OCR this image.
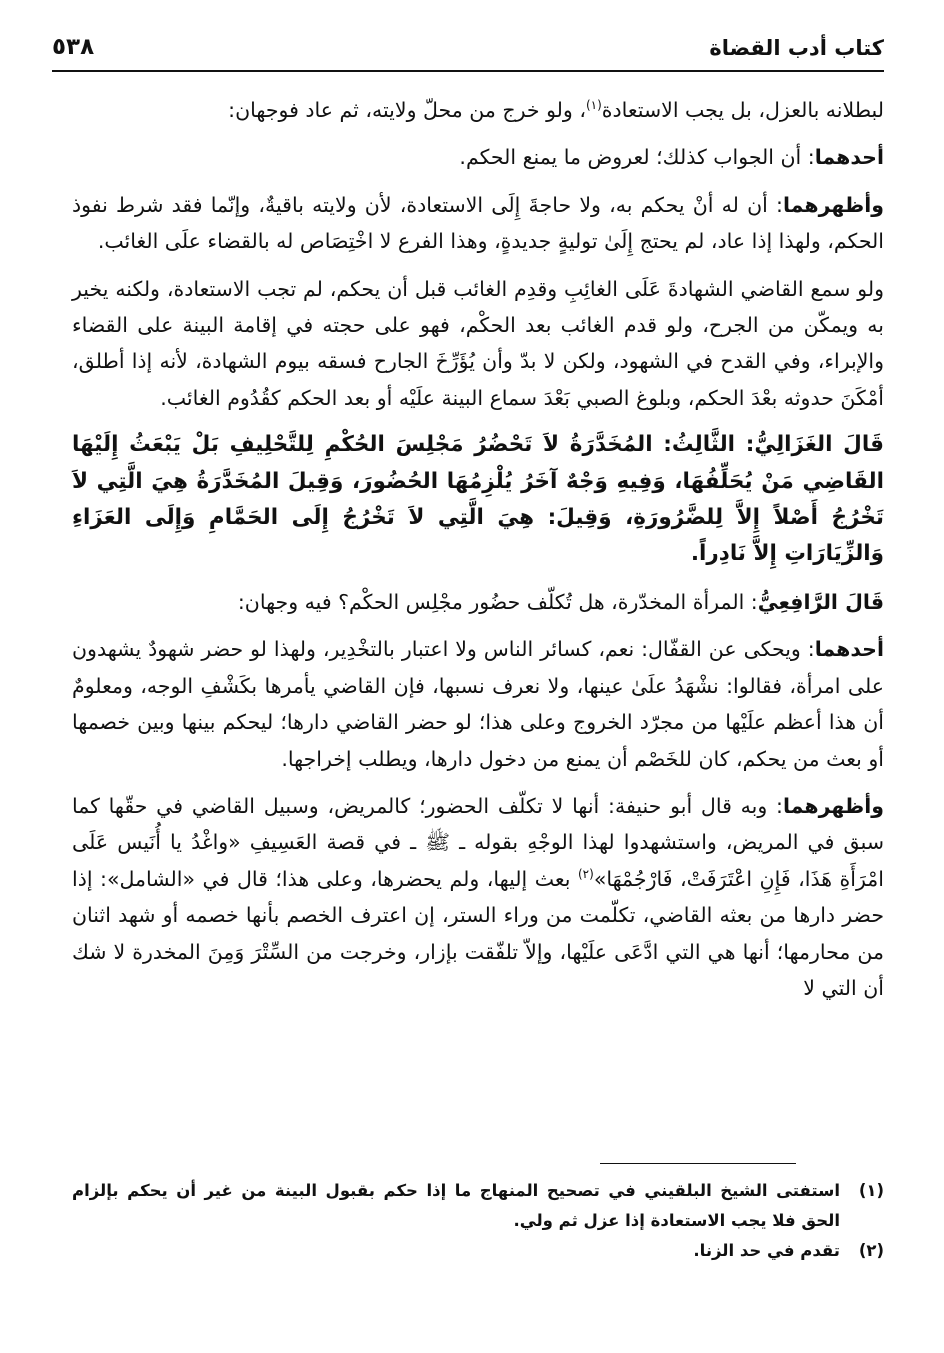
كتاب أدب القضاة
٥٣٨

لبطلانه بالعزل، بل يجب الاستعادة$^{(١)}$، ولو خرج من محلّ ولايته، ثم عاد فوجهان:

أحدهما: أن الجواب كذلك؛ لعروض ما يمنع الحكم.

وأظهرهما: أن له أنْ يحكم به، ولا حاجةَ إِلَى الاستعادة، لأن ولايته باقيةٌ، وإنّما فقد شرط نفوذ الحكم، ولهذا إذا عاد، لم يحتج إِلَىٰ توليةٍ جديدةٍ، وهذا الفرع لا اخْتِصَاص له بالقضاء علَى الغائب.

ولو سمع القاضي الشهادةَ عَلَى الغائِبِ وقدِم الغائب قبل أن يحكم، لم تجب الاستعادة، ولكنه يخير به ويمكّن من الجرح، ولو قدم الغائب بعد الحكْم، فهو على حجته في إقامة البينة على القضاء والإبراء، وفي القدح في الشهود، ولكن لا بدّ وأن يُؤَرِّخَ الجارح فسقه بيوم الشهادة، لأنه إذا أطلق، أمْكَنَ حدوثه بعْدَ الحكم، وبلوغ الصبي بَعْدَ سماع البينة علَيْه أو بعد الحكم كقُدُوم الغائب.

قَالَ الغَزَالِيُّ: الثَّالِثُ: المُخَدَّرَةُ لاَ تَحْضُرُ مَجْلِسَ الحُكْمِ لِلتَّحْلِيفِ بَلْ يَبْعَثُ إِلَيْهَا القَاضِي مَنْ يُحَلِّفُهَا، وَفِيهِ وَجْهٌ آخَرُ يُلْزِمُهَا الحُضُورَ، وَقِيلَ المُخَدَّرَةُ هِيَ الَّتِي لاَ تَخْرُجُ أَصْلاً إِلاَّ لِلضَّرُورَةِ، وَقِيلَ: هِيَ الَّتِي لاَ تَخْرُجُ إِلَى الحَمَّامِ وَإِلَى العَزَاءِ وَالزِّيَارَاتِ إِلاَّ نَادِراً.

قَالَ الرَّافِعِيُّ: المرأة المخدّرة، هل تُكلّف حضُور مجْلِس الحكْم؟ فيه وجهان:

أحدهما: ويحكى عن القفّال: نعم، كسائر الناس ولا اعتبار بالتخْدِير، ولهذا لو حضر شهودٌ يشهدون على امرأة، فقالوا: نشْهَدُ علَىٰ عينها، ولا نعرف نسبها، فإن القاضي يأمرها بكَشْفِ الوجه، ومعلومٌ أن هذا أعظم علَيْها من مجرّد الخروج وعلى هذا؛ لو حضر القاضي دارها؛ ليحكم بينها وبين خصمها أو بعث من يحكم، كان للخَصْم أن يمنع من دخول دارها، ويطلب إخراجها.

وأظهرهما: وبه قال أبو حنيفة: أنها لا تكلّف الحضور؛ كالمريض، وسبيل القاضي في حقّها كما سبق في المريض، واستشهدوا لهذا الوجْهِ بقوله ـ ﷺ ـ في قصة العَسِيفِ «واغْدُ يا أُنَيس عَلَى امْرَأَةِ هَذَا، فَإِنِ اعْتَرَفَتْ، فَارْجُمْهَا»$^{(٢)}$ بعث إليها، ولم يحضرها، وعلى هذا؛ قال في «الشامل»: إذا حضر دارها من بعثه القاضي، تكلّمت من وراء الستر، إن اعترف الخصم بأنها خصمه أو شهد اثنان من محارمها؛ أنها هي التي ادَّعَى علَيْها، وإلاّ تلفّقت بإزار، وخرجت من السِّتْرَ وَمِنَ المخدرة لا شك أن التي لا

(١)
استفتى الشيخ البلقيني في تصحيح المنهاج ما إذا حكم بقبول البينة من غير أن يحكم بإلزام الحق فلا يجب الاستعادة إذا عزل ثم ولي.
(٢)
تقدم في حد الزنا.
